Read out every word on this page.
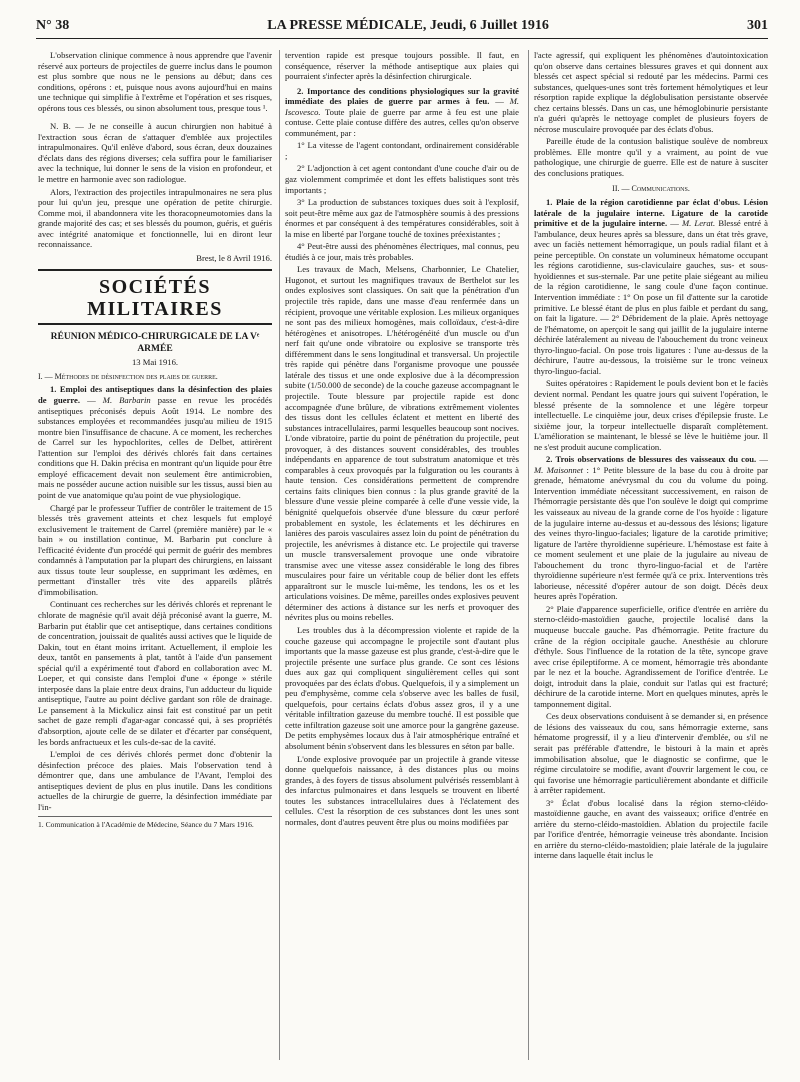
N° 38	LA PRESSE MÉDICALE, Jeudi, 6 Juillet 1916	301

L'observation clinique commence à nous apprendre que l'avenir réservé aux porteurs de projectiles de guerre inclus dans le poumon est plus sombre que nous ne le pensions au début; dans ces conditions, opérons : et, puisque nous avons aujourd'hui en mains une technique qui simplifie à l'extrême et l'opération et ses risques, opérons tous ces blessés, ou sinon absolument tous, presque tous ¹.

N. B. — Je ne conseille à aucun chirurgien non habitué à l'extraction sous écran de s'attaquer d'emblée aux projectiles intrapulmonaires. Qu'il enlève d'abord, sous écran, deux douzaines d'éclats dans des régions diverses; cela suffira pour le familiariser avec la technique, lui donner le sens de la vision en profondeur, et le mettre en harmonie avec son radiologue.

Alors, l'extraction des projectiles intrapulmonaires ne sera plus pour lui qu'un jeu, presque une opération de petite chirurgie. Comme moi, il abandonnera vite les thoracopneumotomies dans la grande majorité des cas; et ses blessés du poumon, guéris, et guéris avec intégrité anatomique et fonctionnelle, lui en diront leur reconnaissance.

Brest, le 8 Avril 1916.

SOCIÉTÉS MILITAIRES

RÉUNION MÉDICO-CHIRURGICALE DE LA Vᵉ ARMÉE

13 Mai 1916.

I. — Méthodes de désinfection des plaies de guerre.

1. Emploi des antiseptiques dans la désinfection des plaies de guerre. — M. Barbarin passe en revue les procédés antiseptiques préconisés depuis Août 1914. Le nombre des substances employées et recommandées jusqu'au milieu de 1915 montre bien l'insuffisance de chacune. A ce moment, les recherches de Carrel sur les hypochlorites, celles de Delbet, attirèrent l'attention sur l'emploi des dérivés chlorés fait dans certaines conditions que H. Dakin précisa en montrant qu'un liquide pour être employé efficacement devait non seulement être antimicrobien, mais ne posséder aucune action nuisible sur les tissus, aussi bien au point de vue anatomique qu'au point de vue physiologique.

Chargé par le professeur Tuffier de contrôler le traitement de 15 blessés très gravement atteints et chez lesquels fut employé exclusivement le traitement de Carrel (première manière) par le « bain » ou instillation continue, M. Barbarin put conclure à l'efficacité évidente d'un procédé qui permit de guérir des membres condamnés à l'amputation par la plupart des chirurgiens, en laissant aux tissus toute leur souplesse, en supprimant les œdèmes, en permettant d'installer très vite des appareils plâtrés d'immobilisation.

Continuant ces recherches sur les dérivés chlorés et reprenant le chlorate de magnésie qu'il avait déjà préconisé avant la guerre, M. Barbarin put établir que cet antiseptique, dans certaines conditions de concentration, jouissait de qualités aussi actives que le liquide de Dakin, tout en étant moins irritant. Actuellement, il emploie les deux, tantôt en pansements à plat, tantôt à l'aide d'un pansement spécial qu'il a expérimenté tout d'abord en collaboration avec M. Loeper, et qui consiste dans l'emploi d'une « éponge » stérile interposée dans la plaie entre deux drains, l'un adducteur du liquide antiseptique, l'autre au point déclive gardant son rôle de drainage. Le pansement à la Mickulicz ainsi fait est constitué par un petit sachet de gaze rempli d'agar-agar concassé qui, à ses propriétés d'absorption, ajoute celle de se dilater et d'écarter par conséquent, les bords anfractueux et les culs-de-sac de la cavité.

L'emploi de ces dérivés chlorés permet donc d'obtenir la désinfection précoce des plaies. Mais l'observation tend à démontrer que, dans une ambulance de l'Avant, l'emploi des antiseptiques devient de plus en plus inutile. Dans les conditions actuelles de la chirurgie de guerre, la désinfection immédiate par l'in-

1. Communication à l'Académie de Médecine, Séance du 7 Mars 1916.

tervention rapide est presque toujours possible. Il faut, en conséquence, réserver la méthode antiseptique aux plaies qui pourraient s'infecter après la désinfection chirurgicale.

2. Importance des conditions physiologiques sur la gravité immédiate des plaies de guerre par armes à feu. — M. Iscovesco. Toute plaie de guerre par arme à feu est une plaie contuse. Cette plaie contuse diffère des autres, celles qu'on observe communément, par :

1° La vitesse de l'agent contondant, ordinairement considérable ;

2° L'adjonction à cet agent contondant d'une couche d'air ou de gaz violemment comprimée et dont les effets balistiques sont très importants ;

3° La production de substances toxiques dues soit à l'explosif, soit peut-être même aux gaz de l'atmosphère soumis à des pressions énormes et par conséquent à des températures considérables, soit à la mise en liberté par l'organe touché de toxines préexistantes ;

4° Peut-être aussi des phénomènes électriques, mal connus, peu étudiés à ce jour, mais très probables.

Les travaux de Mach, Melsens, Charbonnier, Le Chatelier, Hugonot, et surtout les magnifiques travaux de Berthelot sur les ondes explosives sont classiques. On sait que la pénétration d'un projectile très rapide, dans une masse d'eau renfermée dans un récipient, provoque une véritable explosion. Les milieux organiques ne sont pas des milieux homogènes, mais colloïdaux, c'est-à-dire hétérogènes et anisotropes. L'hétérogénéité d'un muscle ou d'un nerf fait qu'une onde vibratoire ou explosive se transporte très différemment dans le sens longitudinal et transversal. Un projectile très rapide qui pénètre dans l'organisme provoque une poussée latérale des tissus et une onde explosive due à la décompression subite (1/50.000 de seconde) de la couche gazeuse accompagnant le projectile. Toute blessure par projectile rapide est donc accompagnée d'une brûlure, de vibrations extrêmement violentes des tissus dont les cellules éclatent et mettent en liberté des substances intracellulaires, parmi lesquelles beaucoup sont nocives. L'onde vibratoire, partie du point de pénétration du projectile, peut provoquer, à des distances souvent considérables, des troubles indépendants en apparence de tout substratum anatomique et très comparables à ceux provoqués par la fulguration ou les courants à haute tension. Ces considérations permettent de comprendre certains faits cliniques bien connus : la plus grande gravité de la blessure d'une vessie pleine comparée à celle d'une vessie vide, la bénignité quelquefois observée d'une blessure du cœur perforé probablement en systole, les éclatements et les déchirures en lanières des parois vasculaires assez loin du point de pénétration du projectile, les anévrismes à distance etc. Le projectile qui traverse un muscle transversalement provoque une onde vibratoire transmise avec une vitesse assez considérable le long des fibres musculaires pour faire un véritable coup de bélier dont les effets apparaîtront sur le muscle lui-même, les tendons, les os et les articulations voisines. De même, pareilles ondes explosives peuvent déterminer des actions à distance sur les nerfs et provoquer des névrites plus ou moins rebelles.

Les troubles dus à la décompression violente et rapide de la couche gazeuse qui accompagne le projectile sont d'autant plus importants que la masse gazeuse est plus grande, c'est-à-dire que le projectile présente une surface plus grande. Ce sont ces lésions dues aux gaz qui compliquent singulièrement celles qui sont provoquées par des éclats d'obus. Quelquefois, il y a simplement un peu d'emphysème, comme cela s'observe avec les balles de fusil, quelquefois, pour certains éclats d'obus assez gros, il y a une véritable infiltration gazeuse du membre touché. Il est possible que cette infiltration gazeuse soit une amorce pour la gangrène gazeuse. De petits emphysèmes locaux dus à l'air atmosphérique entraîné et absolument bénin s'observent dans les blessures en séton par balle.

L'onde explosive provoquée par un projectile à grande vitesse donne quelquefois naissance, à des distances plus ou moins grandes, à des foyers de tissus absolument pulvérisés ressemblant à des infarctus pulmonaires et dans lesquels se trouvent en liberté toutes les substances intracellulaires dues à l'éclatement des cellules. C'est la résorption de ces substances dont les unes sont normales, dont d'autres peuvent être plus ou moins modifiées par

l'acte agressif, qui expliquent les phénomènes d'autointoxication qu'on observe dans certaines blessures graves et qui donnent aux blessés cet aspect spécial si redouté par les médecins. Parmi ces substances, quelques-unes sont très fortement hémolytiques et leur résorption rapide explique la déglobulisation persistante observée chez certains blessés. Dans un cas, une hémoglobinurie persistante n'a guéri qu'après le nettoyage complet de plusieurs foyers de nécrose musculaire provoquée par des éclats d'obus.

Pareille étude de la contusion balistique soulève de nombreux problèmes. Elle montre qu'il y a vraiment, au point de vue pathologique, une chirurgie de guerre. Elle est de nature à susciter des conclusions pratiques.

II. — Communications.

1. Plaie de la région carotidienne par éclat d'obus. Lésion latérale de la jugulaire interne. Ligature de la carotide primitive et de la jugulaire interne. — M. Lerat. Blessé entré à l'ambulance, deux heures après sa blessure, dans un état très grave, avec un faciès nettement hémorragique, un pouls radial filant et à peine perceptible. On constate un volumineux hématome occupant les régions carotidienne, sus-claviculaire gauches, sus- et sous-hyoïdiennes et sus-sternale. Par une petite plaie siégeant au milieu de la région carotidienne, le sang coule d'une façon continue. Intervention immédiate : 1° On pose un fil d'attente sur la carotide primitive. Le blessé étant de plus en plus faible et perdant du sang, on fait la ligature. — 2° Débridement de la plaie. Après nettoyage de l'hématome, on aperçoit le sang qui jaillit de la jugulaire interne déchirée latéralement au niveau de l'abouchement du tronc veineux thyro-linguo-facial. On pose trois ligatures : l'une au-dessus de la déchirure, l'autre au-dessous, la troisième sur le tronc veineux thyro-linguo-facial.

Suites opératoires : Rapidement le pouls devient bon et le faciès devient normal. Pendant les quatre jours qui suivent l'opération, le blessé présente de la somnolence et une légère torpeur intellectuelle. Le cinquième jour, deux crises d'épilepsie fruste. Le sixième jour, la torpeur intellectuelle disparaît complètement. L'amélioration se maintenant, le blessé se lève le huitième jour. Il ne s'est produit aucune complication.

2. Trois observations de blessures des vaisseaux du cou. — M. Maisonnet : 1° Petite blessure de la base du cou à droite par grenade, hématome anévrysmal du cou du volume du poing. Intervention immédiate nécessitant successivement, en raison de l'hémorragie persistante dès que l'on soulève le doigt qui comprime les vaisseaux au niveau de la grande corne de l'os hyoïde : ligature de la jugulaire interne au-dessus et au-dessous des lésions; ligature des veines thyro-linguo-faciales; ligature de la carotide primitive; ligature de l'artère thyroïdienne supérieure. L'hémostase est faite à ce moment seulement et une plaie de la jugulaire au niveau de l'abouchement du tronc thyro-linguo-facial et de l'artère thyroïdienne supérieure n'est fermée qu'à ce prix. Interventions très laborieuse, nécessité d'opérer autour de son doigt. Décès deux heures après l'opération.

2° Plaie d'apparence superficielle, orifice d'entrée en arrière du sterno-cléido-mastoïdien gauche, projectile localisé dans la muqueuse buccale gauche. Pas d'hémorragie. Petite fracture du crâne de la région occipitale gauche. Anesthésie au chlorure d'éthyle. Sous l'influence de la rotation de la tête, syncope grave avec crise épileptiforme. A ce moment, hémorragie très abondante par le nez et la bouche. Agrandissement de l'orifice d'entrée. Le doigt, introduit dans la plaie, conduit sur l'atlas qui est fracturé; déchirure de la carotide interne. Mort en quelques minutes, après le tamponnement digital.

Ces deux observations conduisent à se demander si, en présence de lésions des vaisseaux du cou, sans hémorragie externe, sans hématome progressif, il y a lieu d'intervenir d'emblée, ou s'il ne serait pas préférable d'attendre, le bistouri à la main et après immobilisation absolue, que le diagnostic se confirme, que le régime circulatoire se modifie, avant d'ouvrir largement le cou, ce qui favorise une hémorragie particulièrement abondante et difficile à arrêter rapidement.

3° Éclat d'obus localisé dans la région sterno-cléido-mastoïdienne gauche, en avant des vaisseaux; orifice d'entrée en arrière du sterno-cléido-mastoïdien. Ablation du projectile facile par l'orifice d'entrée, hémorragie veineuse très abondante. Incision en arrière du sterno-cléido-mastoïdien; plaie latérale de la jugulaire interne dans laquelle était inclus le
